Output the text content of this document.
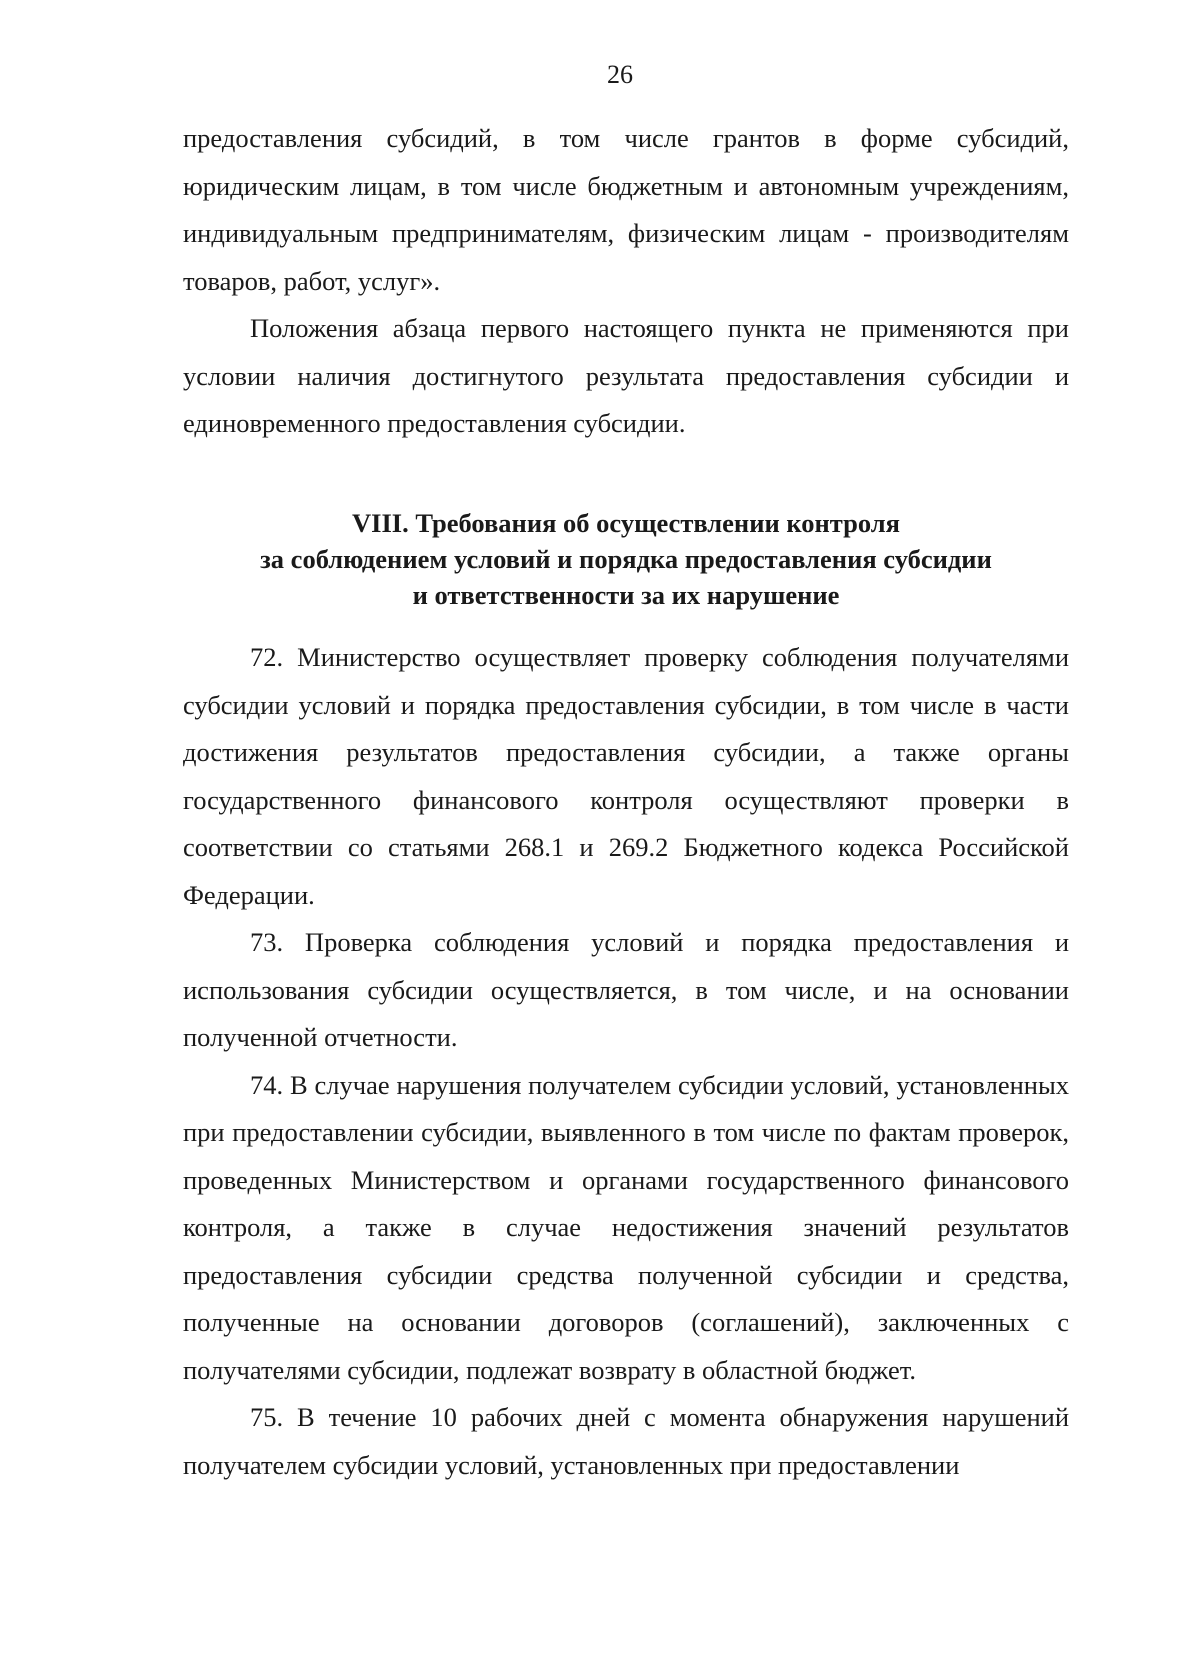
26
предоставления субсидий, в том числе грантов в форме субсидий, юридическим лицам, в том числе бюджетным и автономным учреждениям, индивидуальным предпринимателям, физическим лицам - производителям товаров, работ, услуг».
Положения абзаца первого настоящего пункта не применяются при условии наличия достигнутого результата предоставления субсидии и единовременного предоставления субсидии.
VIII. Требования об осуществлении контроля
за соблюдением условий и порядка предоставления субсидии
и ответственности за их нарушение
72. Министерство осуществляет проверку соблюдения получателями субсидии условий и порядка предоставления субсидии, в том числе в части достижения результатов предоставления субсидии, а также органы государственного финансового контроля осуществляют проверки в соответствии со статьями 268.1 и 269.2 Бюджетного кодекса Российской Федерации.
73. Проверка соблюдения условий и порядка предоставления и использования субсидии осуществляется, в том числе, и на основании полученной отчетности.
74. В случае нарушения получателем субсидии условий, установленных при предоставлении субсидии, выявленного в том числе по фактам проверок, проведенных Министерством и органами государственного финансового контроля, а также в случае недостижения значений результатов предоставления субсидии средства полученной субсидии и средства, полученные на основании договоров (соглашений), заключенных с получателями субсидии, подлежат возврату в областной бюджет.
75. В течение 10 рабочих дней с момента обнаружения нарушений получателем субсидии условий, установленных при предоставлении
